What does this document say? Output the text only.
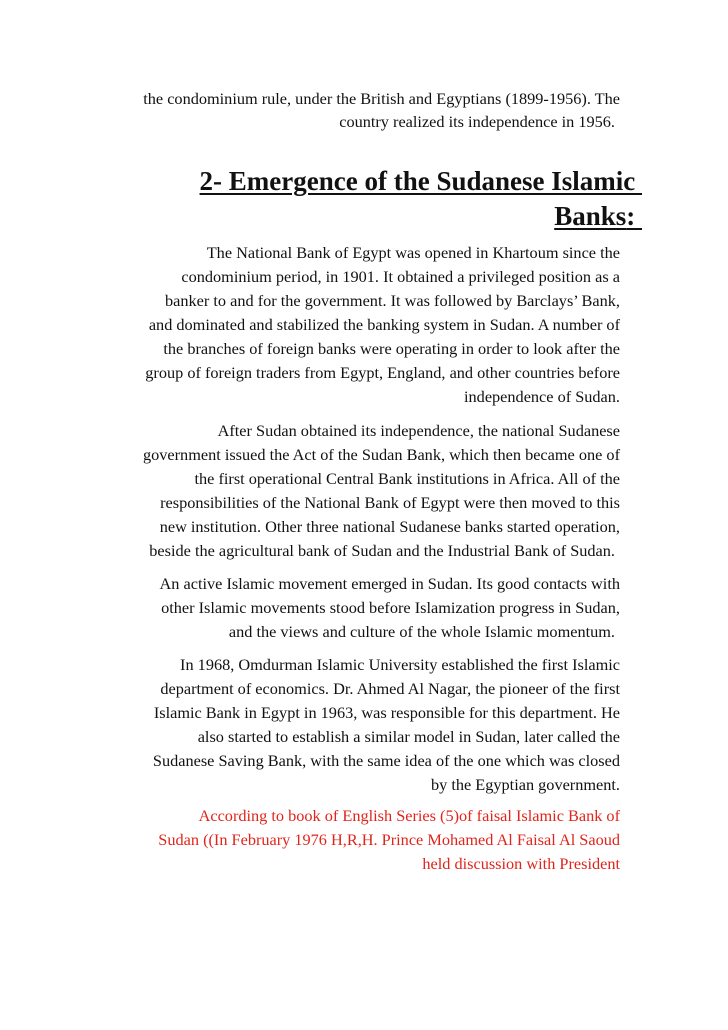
the condominium rule, under the British and Egyptians (1899-1956). The
country realized its independence in 1956.
2- Emergence of the Sudanese Islamic
Banks:
The National Bank of Egypt was opened in Khartoum since the
condominium period, in 1901. It obtained a privileged position as a
banker to and for the government. It was followed by Barclays’ Bank,
and dominated and stabilized the banking system in Sudan. A number of
the branches of foreign banks were operating in order to look after the
group of foreign traders from Egypt, England, and other countries before
independence of Sudan.
After Sudan obtained its independence, the national Sudanese
government issued the Act of the Sudan Bank, which then became one of
the first operational Central Bank institutions in Africa. All of the
responsibilities of the National Bank of Egypt were then moved to this
new institution. Other three national Sudanese banks started operation,
beside the agricultural bank of Sudan and the Industrial Bank of Sudan.
An active Islamic movement emerged in Sudan. Its good contacts with
other Islamic movements stood before Islamization progress in Sudan,
and the views and culture of the whole Islamic momentum.
In 1968, Omdurman Islamic University established the first Islamic
department of economics. Dr. Ahmed Al Nagar, the pioneer of the first
Islamic Bank in Egypt in 1963, was responsible for this department. He
also started to establish a similar model in Sudan, later called the
Sudanese Saving Bank, with the same idea of the one which was closed
by the Egyptian government.
According to book of English Series (5)of faisal Islamic Bank of
Sudan ((In February 1976 H,R,H. Prince Mohamed Al Faisal Al Saoud
held discussion with President
